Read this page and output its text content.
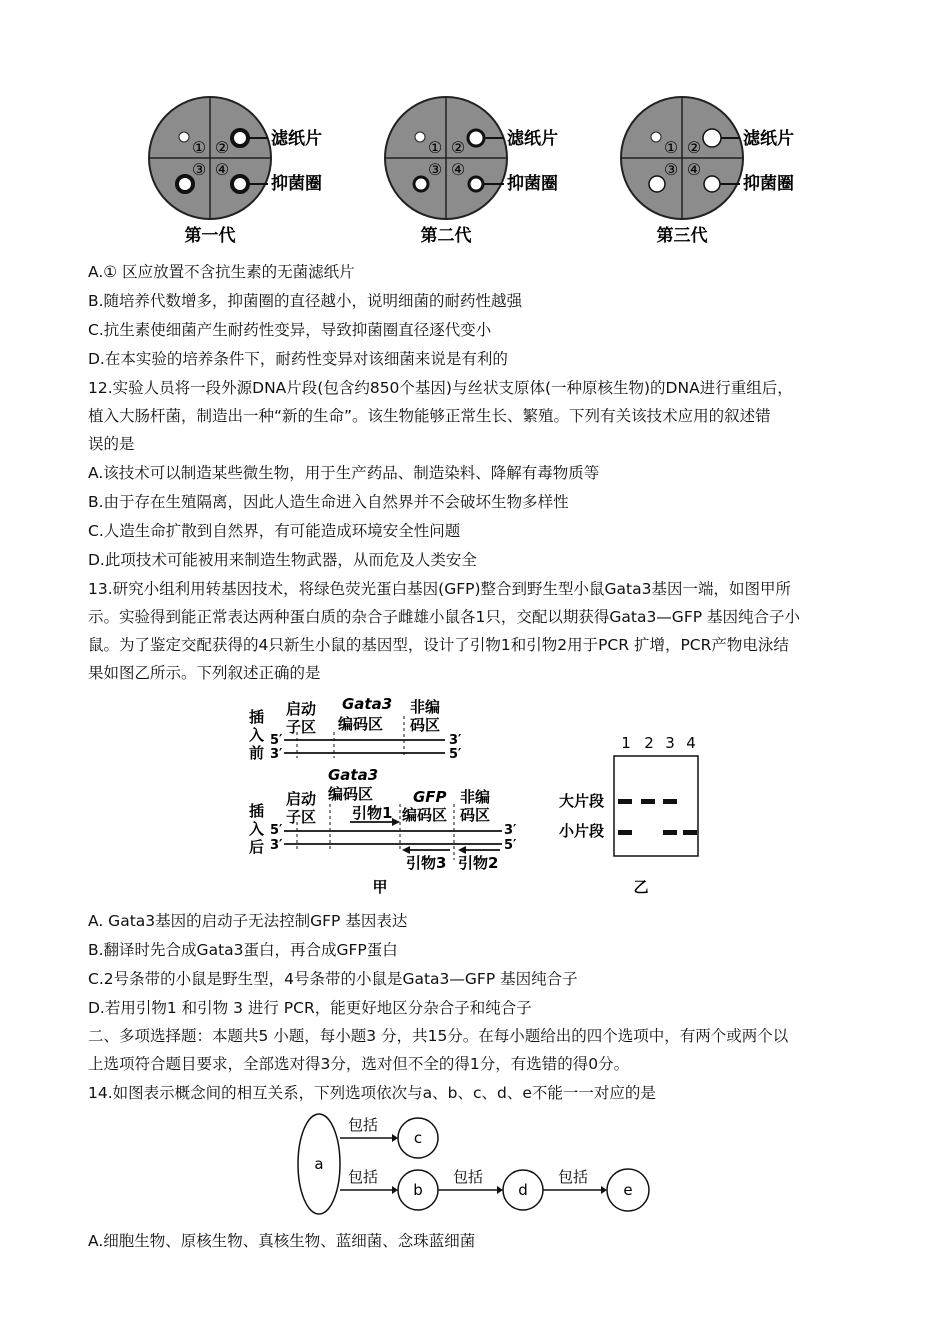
① ②
③ ④
滤纸片
抑菌圈
第一代
① ②
③ ④
滤纸片
抑菌圈
第二代
① ②
③ ④
滤纸片
抑菌圈
第三代
A.① 区应放置不含抗生素的无菌滤纸片
B.随培养代数增多，抑菌圈的直径越小，说明细菌的耐药性越强
C.抗生素使细菌产生耐药性变异，导致抑菌圈直径逐代变小
D.在本实验的培养条件下，耐药性变异对该细菌来说是有利的
12.实验人员将一段外源DNA片段(包含约850个基因)与丝状支原体(一种原核生物)的DNA进行重组后，
植入大肠杆菌，制造出一种“新的生命”。该生物能够正常生长、繁殖。下列有关该技术应用的叙述错
误的是
A.该技术可以制造某些微生物，用于生产药品、制造染料、降解有毒物质等
B.由于存在生殖隔离，因此人造生命进入自然界并不会破坏生物多样性
C.人造生命扩散到自然界，有可能造成环境安全性问题
D.此项技术可能被用来制造生物武器，从而危及人类安全
13.研究小组利用转基因技术，将绿色荧光蛋白基因(GFP)整合到野生型小鼠Gata3基因一端，如图甲所
示。实验得到能正常表达两种蛋白质的杂合子雌雄小鼠各1只，交配以期获得Gata3—GFP 基因纯合子小
鼠。为了鉴定交配获得的4只新生小鼠的基因型，设计了引物1和引物2用于PCR 扩增，PCR产物电泳结
果如图乙所示。下列叙述正确的是
插
入
前
启动
子区
Gata3
编码区
非编
码区
5′
3′
3′
5′
Gata3
编码区
启动
子区
GFP
编码区
非编
码区
引物1
插
入
后
5′
3′
3′
5′
引物3 引物2
甲
1 2 3 4
大片段
小片段
乙
A. Gata3基因的启动子无法控制GFP 基因表达
B.翻译时先合成Gata3蛋白，再合成GFP蛋白
C.2号条带的小鼠是野生型，4号条带的小鼠是Gata3—GFP 基因纯合子
D.若用引物1 和引物 3 进行 PCR，能更好地区分杂合子和纯合子
二、多项选择题：本题共5 小题，每小题3 分，共15分。在每小题给出的四个选项中，有两个或两个以
上选项符合题目要求，全部选对得3分，选对但不全的得1分，有选错的得0分。
14.如图表示概念间的相互关系，下列选项依次与a、b、c、d、e不能一一对应的是
a
c
b	d	e
包括
包括	包括	包括
A.细胞生物、原核生物、真核生物、蓝细菌、念珠蓝细菌
